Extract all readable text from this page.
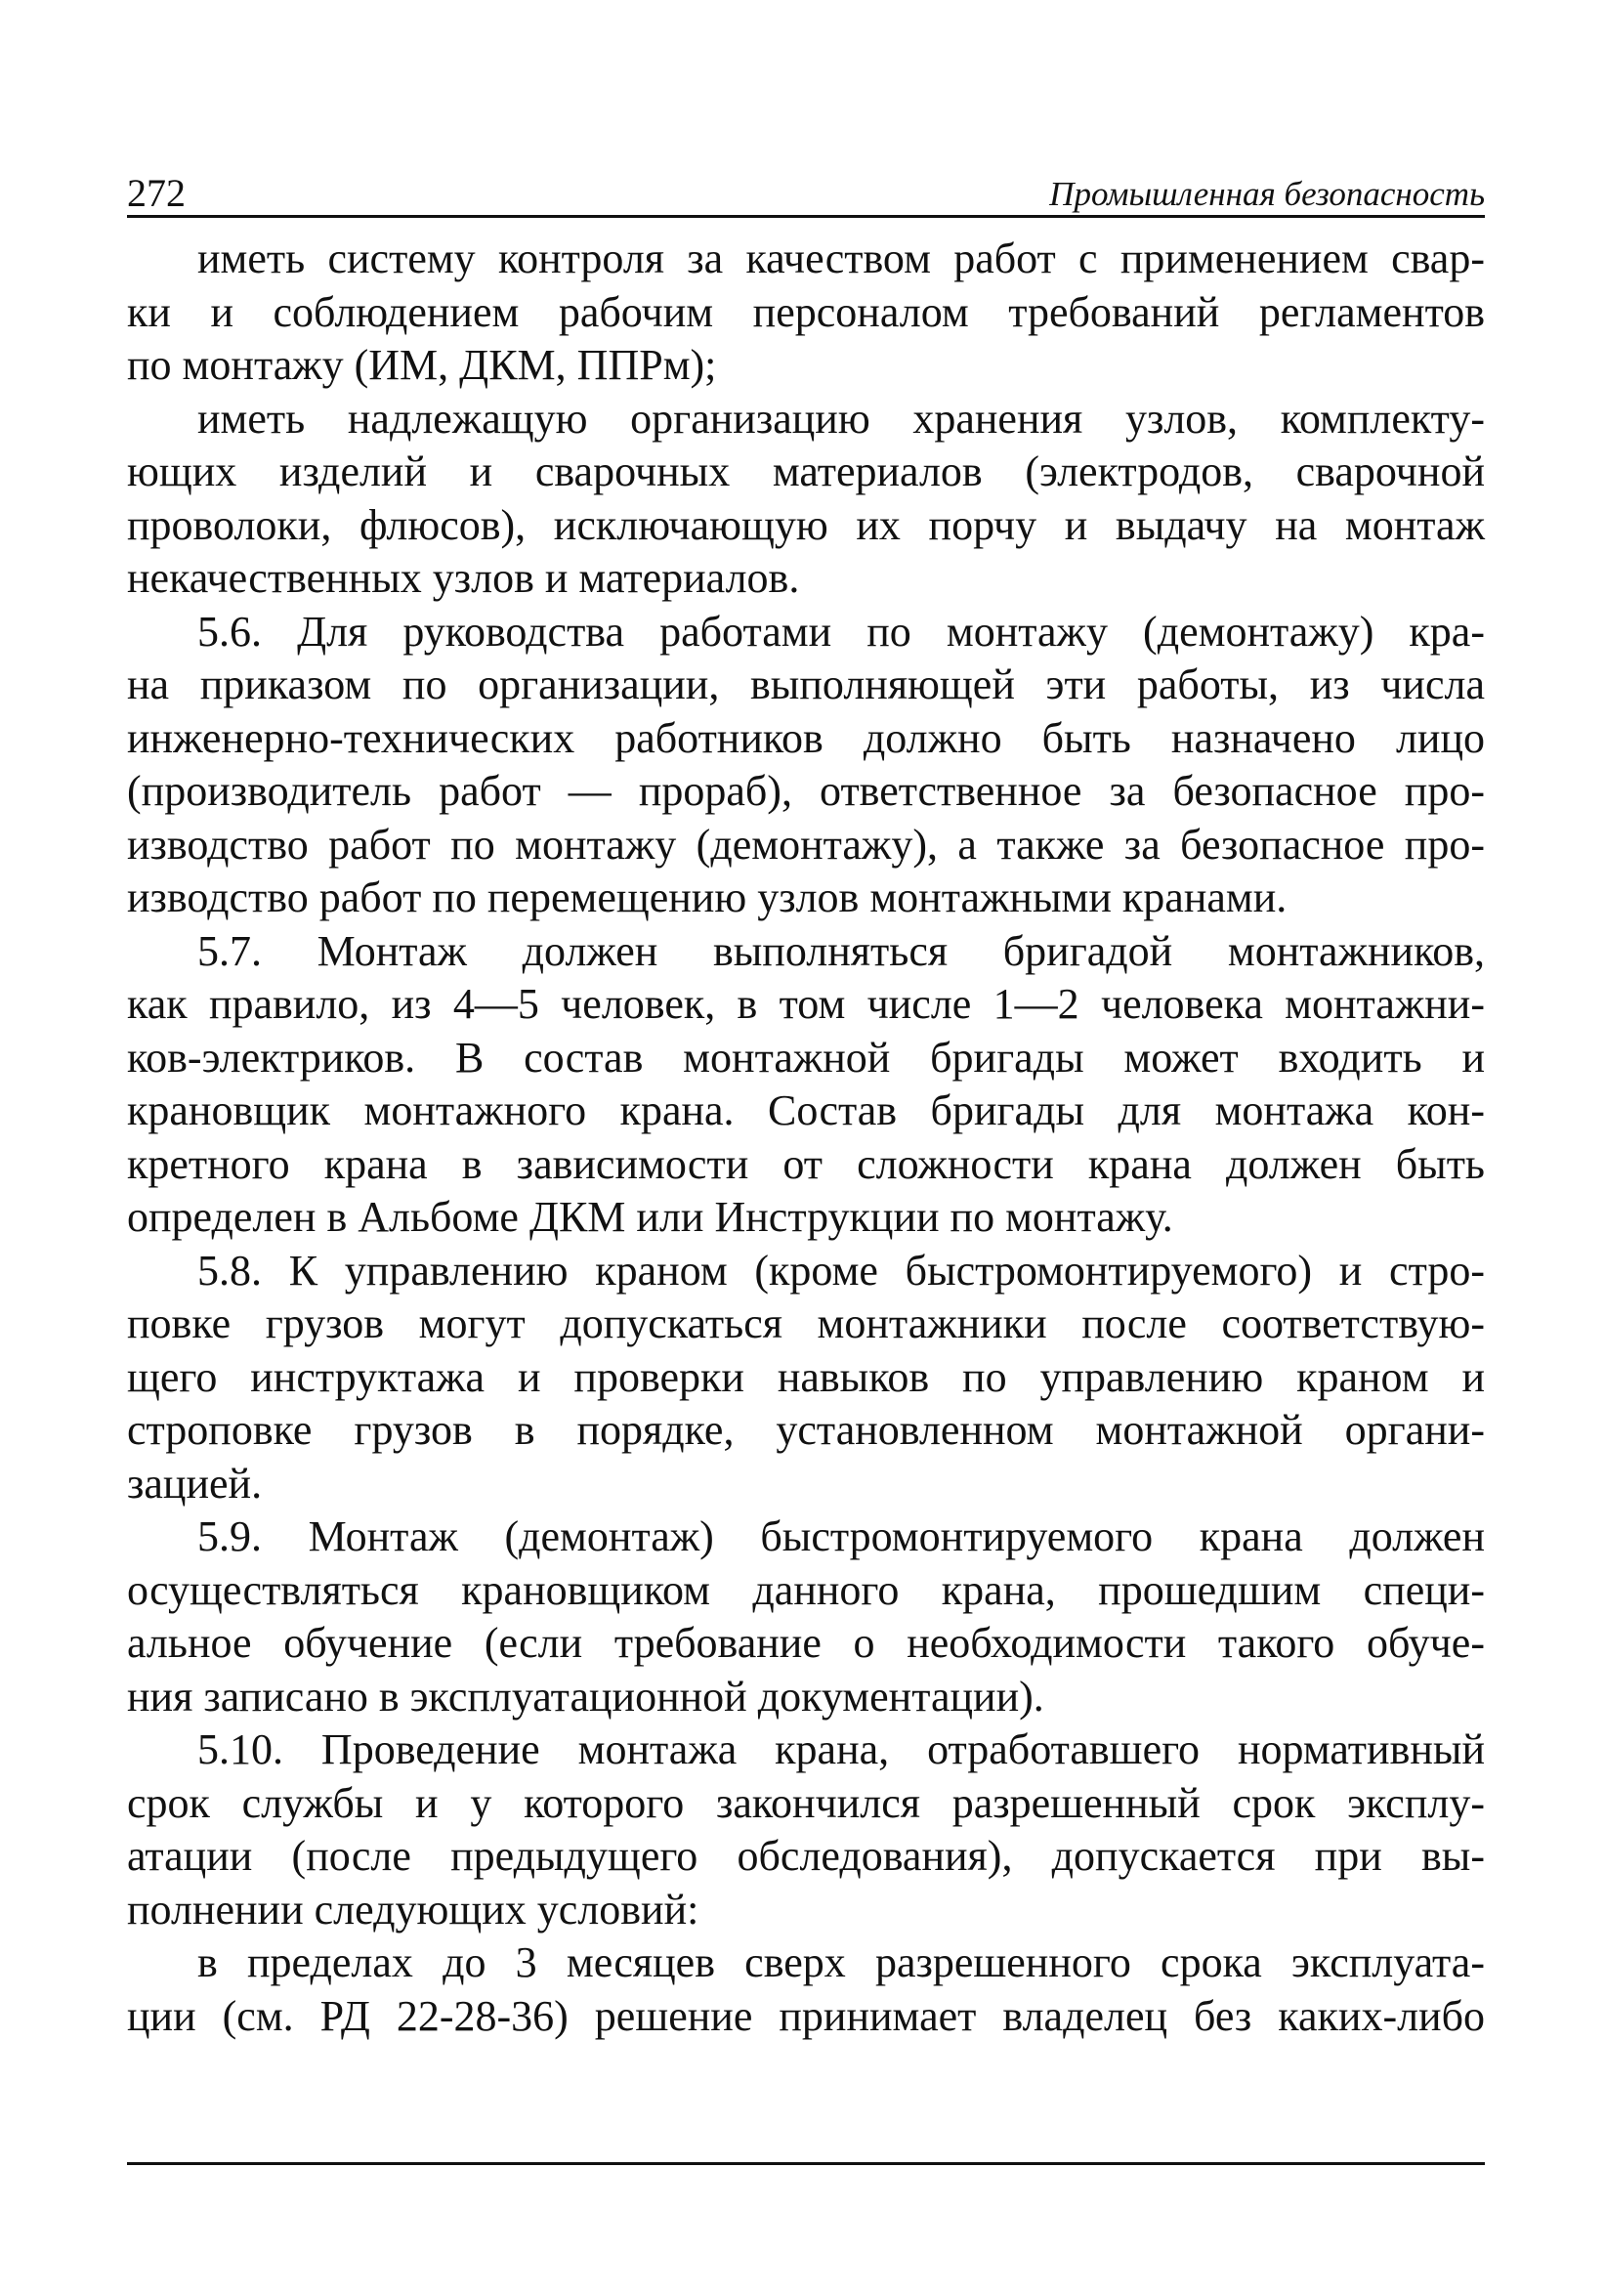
272	Промышленная безопасность
иметь систему контроля за качеством работ с применением свар-
ки и соблюдением рабочим персоналом требований регламентов
по монтажу (ИМ, ДКМ, ППРм);
иметь надлежащую организацию хранения узлов, комплекту-
ющих изделий и сварочных материалов (электродов, сварочной
проволоки, флюсов), исключающую их порчу и выдачу на монтаж
некачественных узлов и материалов.
5.6. Для руководства работами по монтажу (демонтажу) кра-
на приказом по организации, выполняющей эти работы, из числа
инженерно-технических работников должно быть назначено лицо
(производитель работ — прораб), ответственное за безопасное про-
изводство работ по монтажу (демонтажу), а также за безопасное про-
изводство работ по перемещению узлов монтажными кранами.
5.7. Монтаж должен выполняться бригадой монтажников,
как правило, из 4—5 человек, в том числе 1—2 человека монтажни-
ков-электриков. В состав монтажной бригады может входить и
крановщик монтажного крана. Состав бригады для монтажа кон-
кретного крана в зависимости от сложности крана должен быть
определен в Альбоме ДКМ или Инструкции по монтажу.
5.8. К управлению краном (кроме быстромонтируемого) и стро-
повке грузов могут допускаться монтажники после соответствую-
щего инструктажа и проверки навыков по управлению краном и
строповке грузов в порядке, установленном монтажной органи-
зацией.
5.9. Монтаж (демонтаж) быстромонтируемого крана должен
осуществляться крановщиком данного крана, прошедшим специ-
альное обучение (если требование о необходимости такого обуче-
ния записано в эксплуатационной документации).
5.10. Проведение монтажа крана, отработавшего нормативный
срок службы и у которого закончился разрешенный срок эксплу-
атации (после предыдущего обследования), допускается при вы-
полнении следующих условий:
в пределах до 3 месяцев сверх разрешенного срока эксплуата-
ции (см. РД 22-28-36) решение принимает владелец без каких-либо
